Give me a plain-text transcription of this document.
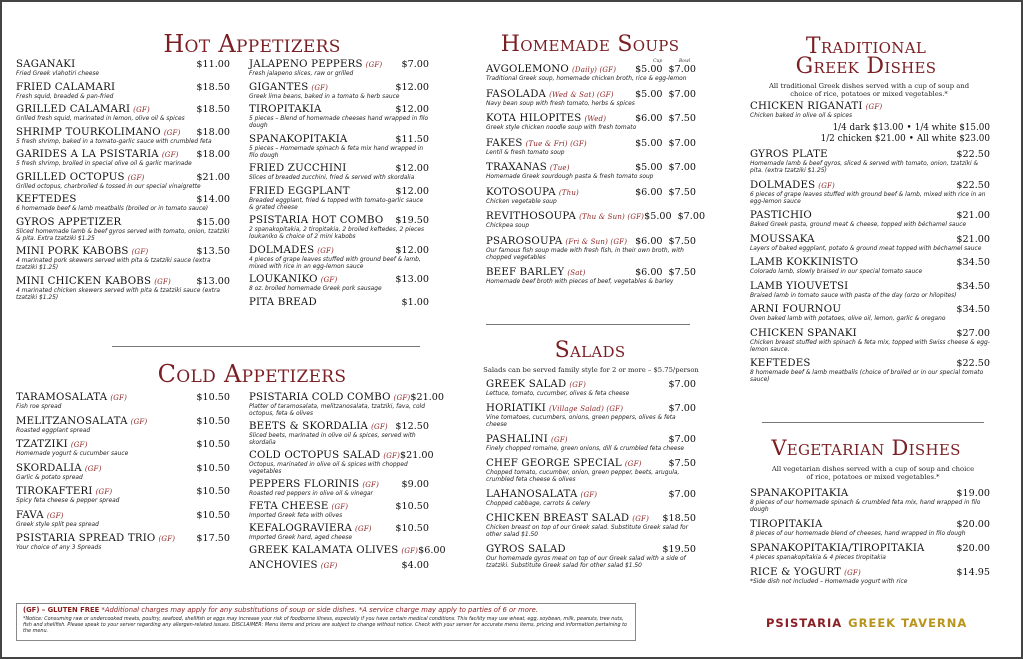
Hot Appetizers
SAGANAKI	$11.00
Fried Greek vlahotiri cheese
FRIED CALAMARI	$18.50
Fresh squid, breaded & pan-fried
GRILLED CALAMARI (GF)	$18.50
Grilled fresh squid, marinated in lemon, olive oil & spices
SHRIMP TOURKOLIMANO (GF) $18.00
5 fresh shrimp, baked in a tomato-garlic sauce with crumbled feta
GARIDES A LA PSISTARIA (GF) $18.00
5 fresh shrimp, broiled in special olive oil & garlic marinade
GRILLED OCTOPUS (GF)	$21.00
Grilled octopus, charbroiled & tossed in our special vinaigrette
KEFTEDES	$14.00
6 homemade beef & lamb meatballs (broiled or in tomato sauce)
GYROS APPETIZER	$15.00
Sliced homemade lamb & beef gyros served with tomato, onion, tzatziki & pita. Extra tzatziki $1.25
MINI PORK KABOBS (GF)	$13.50
4 marinated pork skewers served with pita & tzatziki sauce (extra tzatziki $1.25)
MINI CHICKEN KABOBS (GF)	$13.00
4 marinated chicken skewers served with pita & tzatziki sauce (extra tzatziki $1.25)
JALAPENO PEPPERS (GF) $7.00
Fresh jalapeno slices, raw or grilled
GIGANTES (GF)	$12.00
Greek lima beans, baked in a tomato & herb sauce
TIROPITAKIA	$12.00
5 pieces – Blend of homemade cheeses hand wrapped in filo dough
SPANAKOPITAKIA	$11.50
5 pieces – Homemade spinach & feta mix hand wrapped in filo dough
FRIED ZUCCHINI	$12.00
Slices of breaded zucchini, fried & served with skordalia
FRIED EGGPLANT	$12.00
Breaded eggplant, fried & topped with tomato-garlic sauce & grated cheese
PSISTARIA HOT COMBO $19.50
2 spanakopitakia, 2 tiropitakia, 2 broiled keftedes, 2 pieces loukaniko & choice of 2 mini kabobs
DOLMADES (GF)	$12.00
4 pieces of grape leaves stuffed with ground beef & lamb, mixed with rice in an egg-lemon sauce
LOUKANIKO (GF)	$13.00
8 oz. broiled homemade Greek pork sausage
PITA BREAD	$1.00
Cold Appetizers
TARAMOSALATA (GF)	$10.50
Fish roe spread
MELITZANOSALATA (GF)	$10.50
Roasted eggplant spread
TZATZIKI (GF)	$10.50
Homemade yogurt & cucumber sauce
SKORDALIA (GF)	$10.50
Garlic & potato spread
TIROKAFTERI (GF)	$10.50
Spicy feta cheese & pepper spread
FAVA (GF)	$10.50
Greek style split pea spread
PSISTARIA SPREAD TRIO (GF) $17.50
Your choice of any 3 Spreads
PSISTARIA COLD COMBO (GF) $21.00
Platter of taramosalata, melitzanosalata, tzatziki, fava, cold octopus, feta & olives
BEETS & SKORDALIA (GF) $12.50
Sliced beets, marinated in olive oil & spices, served with skordalia
COLD OCTOPUS SALAD (GF) $21.00
Octopus, marinated in olive oil & spices with chopped vegetables
PEPPERS FLORINIS (GF) $9.00
Roasted red peppers in olive oil & vinegar
FETA CHEESE (GF)	$10.50
Imported Greek feta with olives
KEFALOGRAVIERA (GF) $10.50
Imported Greek hard, aged cheese
GREEK KALAMATA OLIVES (GF) $6.00
ANCHOVIES (GF)	$4.00
Homemade Soups
Cup	Bowl
AVGOLEMONO (Daily) (GF) $5.00 $7.00
Traditional Greek soup, homemade chicken broth, rice & egg-lemon
FASOLADA (Wed & Sat) (GF) $5.00 $7.00
Navy bean soup with fresh tomato, herbs & spices
KOTA HILOPITES (Wed)	$6.00 $7.50
Greek style chicken noodle soup with fresh tomato
FAKES (Tue & Fri) (GF)	$5.00 $7.00
Lentil & fresh tomato soup
TRAXANAS (Tue)	$5.00 $7.00
Homemade Greek sourdough pasta & fresh tomato soup
KOTOSOUPA (Thu)	$6.00 $7.50
Chicken vegetable soup
REVITHOSOUPA (Thu & Sun) (GF) $5.00 $7.00
Chickpea soup
PSAROSOUPA (Fri & Sun) (GF) $6.00 $7.50
Our famous fish soup made with fresh fish, in their own broth, with chopped vegetables
BEEF BARLEY (Sat)	$6.00 $7.50
Homemade beef broth with pieces of beef, vegetables & barley
Salads
Salads can be served family style for 2 or more – $5.75/person
GREEK SALAD (GF)	$7.00
Lettuce, tomato, cucumber, olives & feta cheese
HORIATIKI (Village Salad) (GF)	$7.00
Vine tomatoes, cucumbers, onions, green peppers, olives & feta cheese
PASHALINI (GF)	$7.00
Finely chopped romaine, green onions, dill & crumbled feta cheese
CHEF GEORGE SPECIAL (GF)	$7.50
Chopped tomato, cucumber, onion, green pepper, beets, arugula, crumbled feta cheese & olives
LAHANOSALATA (GF)	$7.00
Chopped cabbage, carrots & celery
CHICKEN BREAST SALAD (GF) $18.50
Chicken breast on top of our Greek salad. Substitute Greek salad for other salad $1.50
GYROS SALAD	$19.50
Our homemade gyros meat on top of our Greek salad with a side of tzatziki. Substitute Greek salad for other salad $1.50
Traditional
Greek Dishes
All traditional Greek dishes served with a cup of soup and choice of rice, potatoes or mixed vegetables.*
CHICKEN RIGANATI (GF)
Chicken baked in olive oil & spices
1/4 dark $13.00 • 1/4 white $15.00
1/2 chicken $21.00 • All white $23.00
GYROS PLATE	$22.50
Homemade lamb & beef gyros, sliced & served with tomato, onion, tzatziki & pita. (extra tzatziki $1.25)
DOLMADES (GF)	$22.50
6 pieces of grape leaves stuffed with ground beef & lamb, mixed with rice in an egg-lemon sauce
PASTICHIO	$21.00
Baked Greek pasta, ground meat & cheese, topped with béchamel sauce
MOUSSAKA	$21.00
Layers of baked eggplant, potato & ground meat topped with béchamel sauce
LAMB KOKKINISTO	$34.50
Colorado lamb, slowly braised in our special tomato sauce
LAMB YIOUVETSI	$34.50
Braised lamb in tomato sauce with pasta of the day (orzo or hilopites)
ARNI FOURNOU	$34.50
Oven baked lamb with potatoes, olive oil, lemon, garlic & oregano
CHICKEN SPANAKI	$27.00
Chicken breast stuffed with spinach & feta mix, topped with Swiss cheese & egg-lemon sauce.
KEFTEDES	$22.50
8 homemade beef & lamb meatballs (choice of broiled or in our special tomato sauce)
Vegetarian Dishes
All vegetarian dishes served with a cup of soup and choice of rice, potatoes or mixed vegetables.*
SPANAKOPITAKIA	$19.00
8 pieces of our homemade spinach & crumbled feta mix, hand wrapped in filo dough
TIROPITAKIA	$20.00
8 pieces of our homemade blend of cheeses, hand wrapped in filo dough
SPANAKOPITAKIA/TIROPITAKIA	$20.00
4 pieces spanakopitakia & 4 pieces tiropitakia
RICE & YOGURT (GF)	$14.95
*Side dish not included – Homemade yogurt with rice
(GF) – GLUTEN FREE *Additional charges may apply for any substitutions of soup or side dishes. *A service charge may apply to parties of 6 or more.
*Notice: Consuming raw or undercooked meats, poultry, seafood, shellfish or eggs may increase your risk of foodborne illness, especially if you have certain medical conditions. This facility may use wheat, egg, soybean, milk, peanuts, tree nuts, fish and shellfish. Please speak to your server regarding any allergen-related issues. DISCLAIMER: Menu items and prices are subject to change without notice. Check with your server for accurate menu items, pricing and information pertaining to the menu.
PSISTARIA GREEK TAVERNA
